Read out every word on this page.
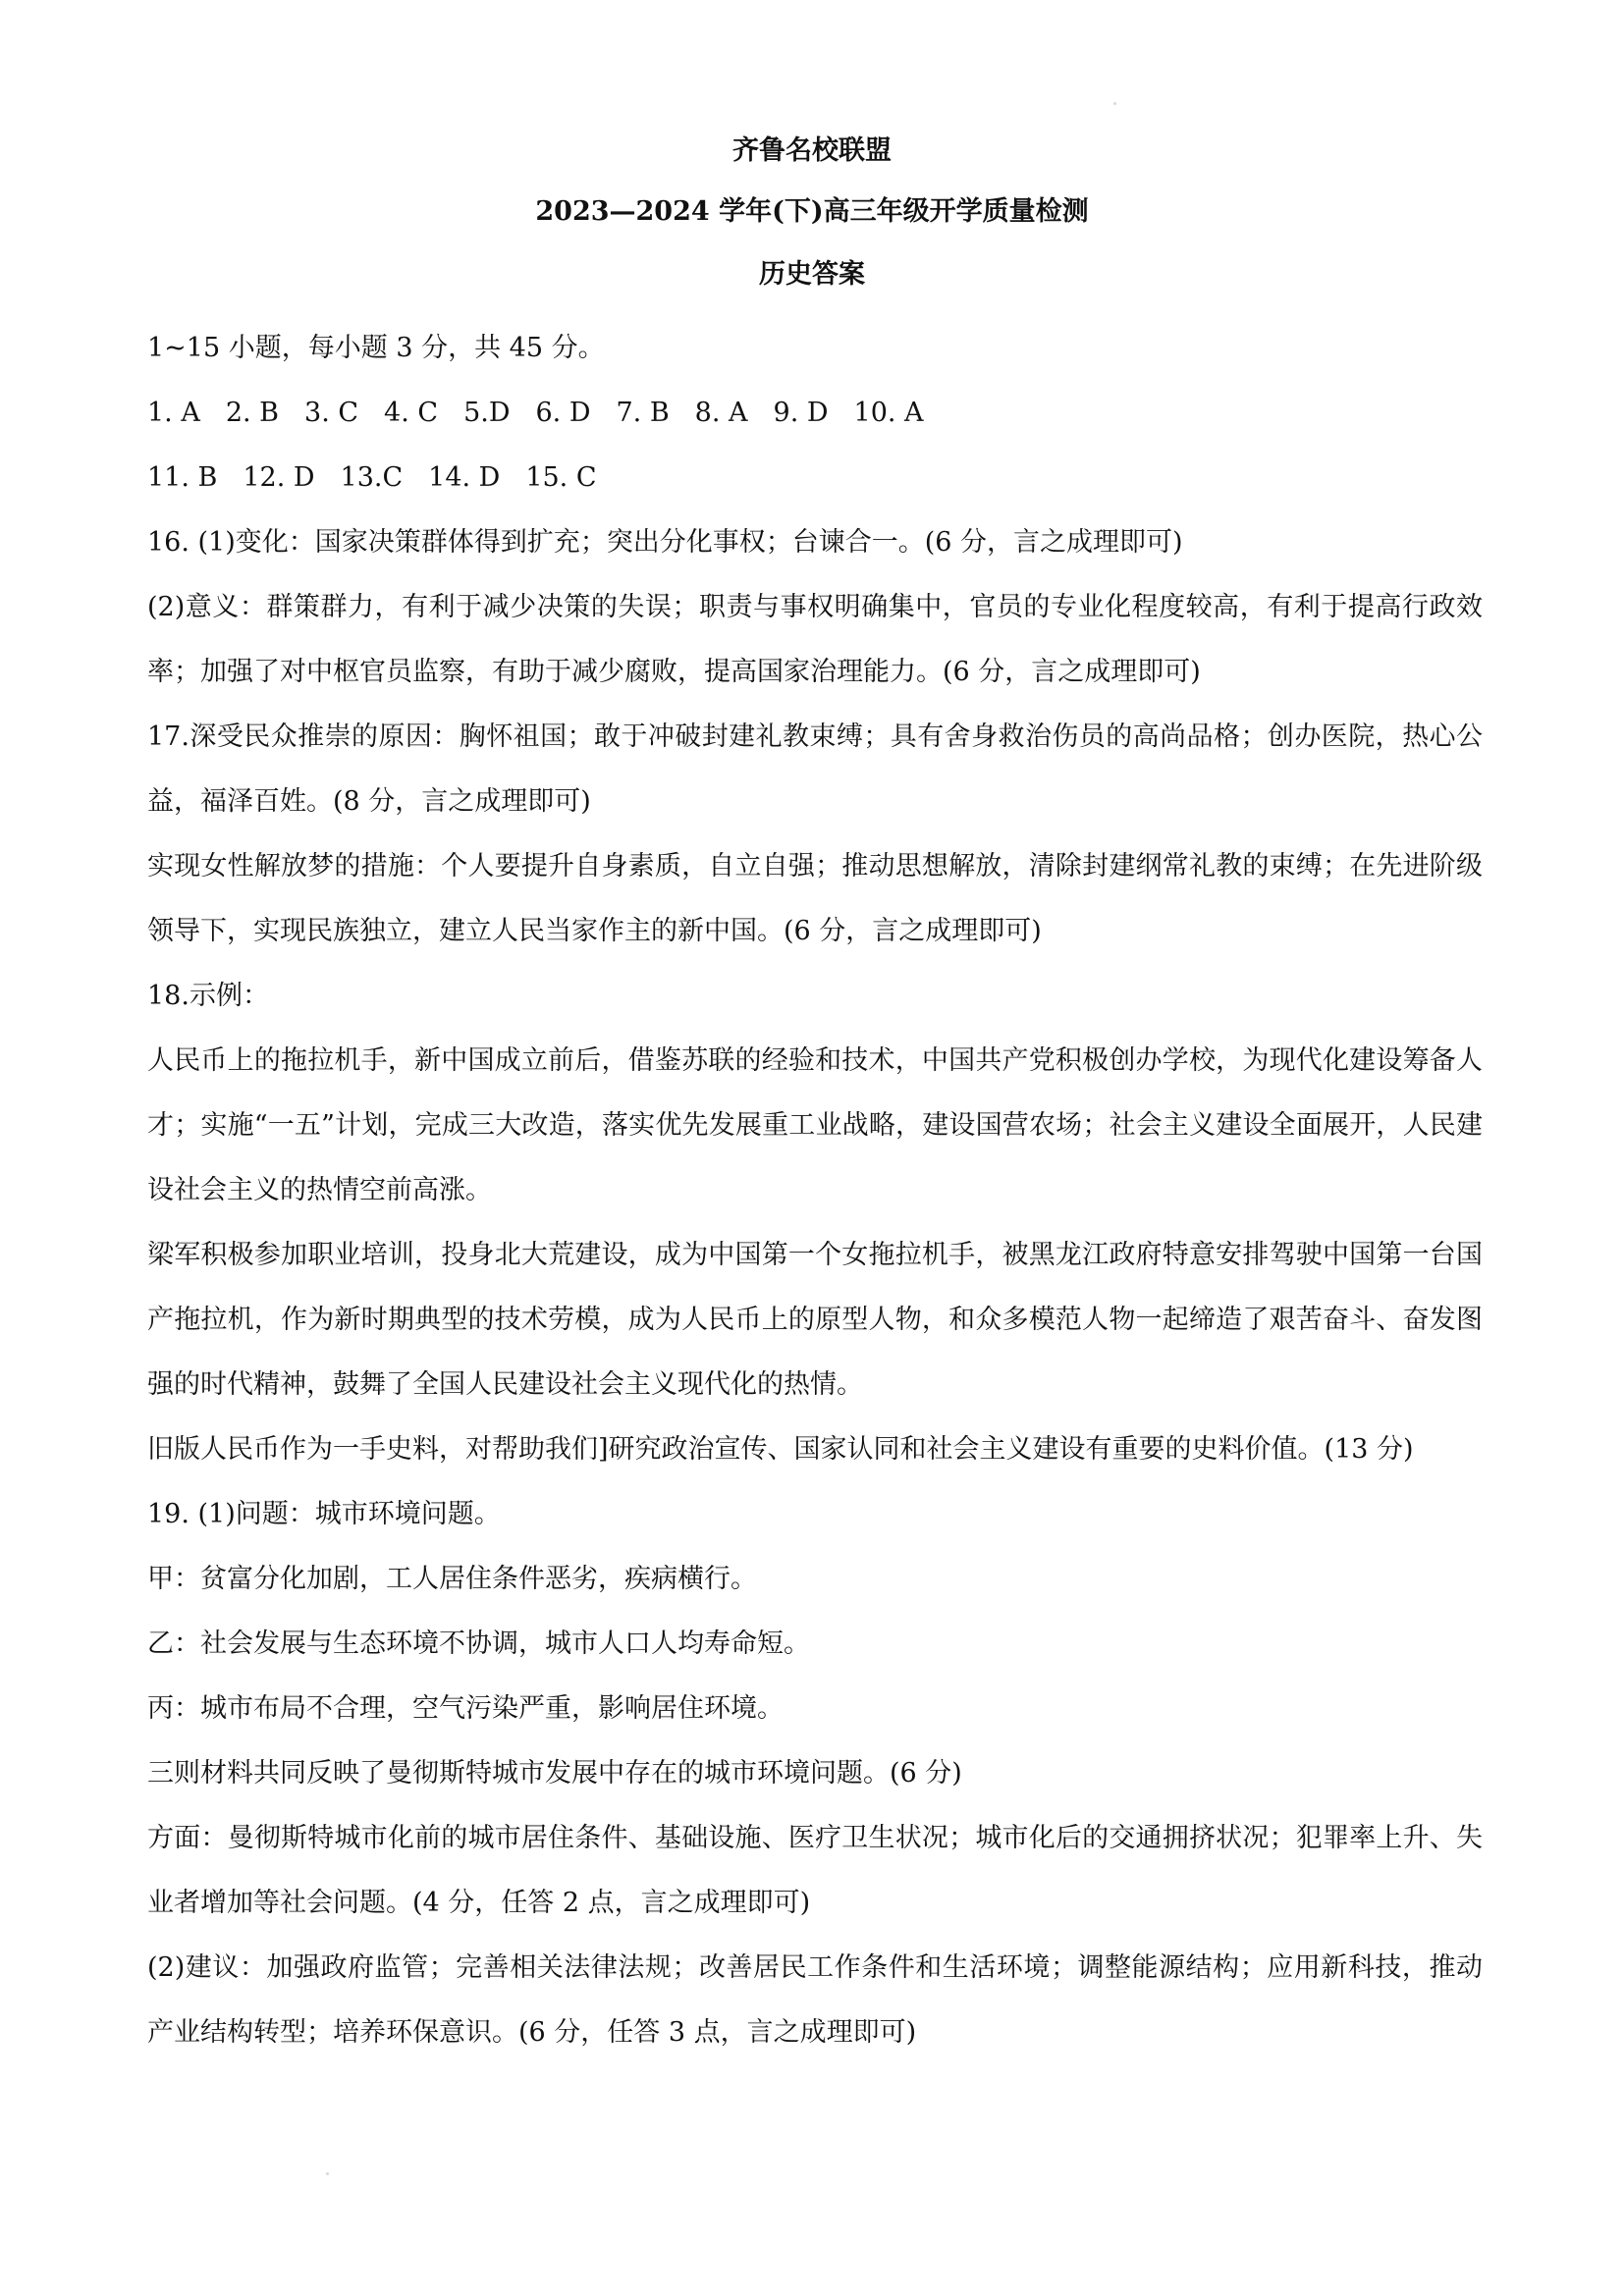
齐鲁名校联盟
2023—2024 学年(下)高三年级开学质量检测
历史答案

1~15 小题，每小题 3 分，共 45 分。

1. A 2. B 3. C 4. C 5.D 6. D 7. B 8. A 9. D 10. A
11. B 12. D 13.C 14. D 15. C

16. (1)变化：国家决策群体得到扩充；突出分化事权；台谏合一。(6 分，言之成理即可)

(2)意义：群策群力，有利于减少决策的失误；职责与事权明确集中，官员的专业化程度较高，有利于提高行政效率；加强了对中枢官员监察，有助于减少腐败，提高国家治理能力。(6 分，言之成理即可)

17.深受民众推崇的原因：胸怀祖国；敢于冲破封建礼教束缚；具有舍身救治伤员的高尚品格；创办医院，热心公益，福泽百姓。(8 分，言之成理即可)

实现女性解放梦的措施：个人要提升自身素质，自立自强；推动思想解放，清除封建纲常礼教的束缚；在先进阶级领导下，实现民族独立，建立人民当家作主的新中国。(6 分，言之成理即可)

18.示例：

人民币上的拖拉机手，新中国成立前后，借鉴苏联的经验和技术，中国共产党积极创办学校，为现代化建设筹备人才；实施“一五”计划，完成三大改造，落实优先发展重工业战略，建设国营农场；社会主义建设全面展开，人民建设社会主义的热情空前高涨。

梁军积极参加职业培训，投身北大荒建设，成为中国第一个女拖拉机手，被黑龙江政府特意安排驾驶中国第一台国产拖拉机，作为新时期典型的技术劳模，成为人民币上的原型人物，和众多模范人物一起缔造了艰苦奋斗、奋发图强的时代精神，鼓舞了全国人民建设社会主义现代化的热情。

旧版人民币作为一手史料，对帮助我们]研究政治宣传、国家认同和社会主义建设有重要的史料价值。(13 分)

19. (1)问题：城市环境问题。

甲：贫富分化加剧，工人居住条件恶劣，疾病横行。

乙：社会发展与生态环境不协调，城市人口人均寿命短。

丙：城市布局不合理，空气污染严重，影响居住环境。

三则材料共同反映了曼彻斯特城市发展中存在的城市环境问题。(6 分)

方面：曼彻斯特城市化前的城市居住条件、基础设施、医疗卫生状况；城市化后的交通拥挤状况；犯罪率上升、失业者增加等社会问题。(4 分，任答 2 点，言之成理即可)

(2)建议：加强政府监管；完善相关法律法规；改善居民工作条件和生活环境；调整能源结构；应用新科技，推动产业结构转型；培养环保意识。(6 分，任答 3 点，言之成理即可)
